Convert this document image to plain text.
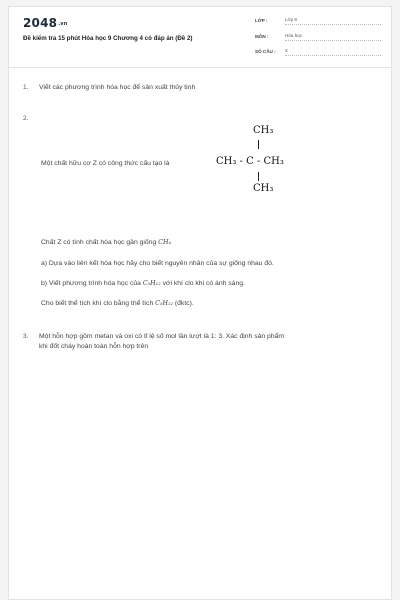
2048.vn
Đề kiểm tra 15 phút Hóa học 9 Chương 4 có đáp án (Đề 2)
LỚP :	Lớp 9
MÔN :	Hóa học
SỐ CÂU : 3
1. Viết các phương trình hóa học để sản xuất thủy tinh
2.
CH₃
Một chất hữu cơ Z có công thức cấu tạo là	CH₃ - C - CH₃
CH₃
Chất Z có tính chất hóa học gần giống CH₄
a) Dựa vào liên kết hóa học hãy cho biết nguyên nhân của sự giống nhau đó.
b) Viết phương trình hóa học của C₅H₁₂ với khí clo khi có ánh sáng.
Cho biết thể tích khí clo bằng thể tích C₅H₁₂ (đktc).
3. Một hỗn hợp gồm metan và oxi có tỉ lệ số mol lần lượt là 1: 3. Xác định sản phẩm
khi đốt cháy hoàn toàn hỗn hợp trên
